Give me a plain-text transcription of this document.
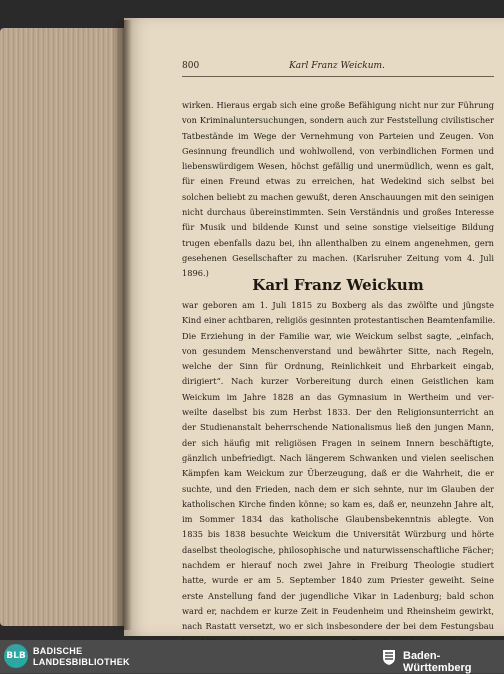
800	Karl Franz Weickum.
wirken. Hieraus ergab sich eine große Befähigung nicht nur zur Führung
von Kriminaluntersuchungen, sondern auch zur Feststellung civilistischer
Tatbestände im Wege der Vernehmung von Parteien und Zeugen. Von
Gesinnung freundlich und wohlwollend, von verbindlichen Formen und
liebenswürdigem Wesen, höchst gefällig und unermüdlich, wenn es galt,
für einen Freund etwas zu erreichen, hat Wedekind sich selbst bei
solchen beliebt zu machen gewußt, deren Anschauungen mit den seinigen
nicht durchaus übereinstimmten. Sein Verständnis und großes Interesse
für Musik und bildende Kunst und seine sonstige vielseitige Bildung
trugen ebenfalls dazu bei, ihn allenthalben zu einem angenehmen, gern
gesehenen Gesellschafter zu machen. (Karlsruher Zeitung vom 4. Juli
1896.)
Karl Franz Weickum
war geboren am 1. Juli 1815 zu Boxberg als das zwölfte und jüngste
Kind einer achtbaren, religiös gesinnten protestantischen Beamtenfamilie.
Die Erziehung in der Familie war, wie Weickum selbst sagte, „einfach,
von gesundem Menschenverstand und bewährter Sitte, nach Regeln,
welche der Sinn für Ordnung, Reinlichkeit und Ehrbarkeit eingab,
dirigiert“. Nach kurzer Vorbereitung durch einen Geistlichen kam
Weickum im Jahre 1828 an das Gymnasium in Wertheim und ver-
weilte daselbst bis zum Herbst 1833. Der den Religionsunterricht an
der Studienanstalt beherrschende Nationalismus ließ den jungen Mann,
der sich häufig mit religiösen Fragen in seinem Innern beschäftigte,
gänzlich unbefriedigt. Nach längerem Schwanken und vielen seelischen
Kämpfen kam Weickum zur Überzeugung, daß er die Wahrheit, die er
suchte, und den Frieden, nach dem er sich sehnte, nur im Glauben der
katholischen Kirche finden könne; so kam es, daß er, neunzehn Jahre alt,
im Sommer 1834 das katholische Glaubensbekenntnis ablegte. Von
1835 bis 1838 besuchte Weickum die Universität Würzburg und hörte
daselbst theologische, philosophische und naturwissenschaftliche Fächer;
nachdem er hierauf noch zwei Jahre in Freiburg Theologie studiert
hatte, wurde er am 5. September 1840 zum Priester geweiht. Seine
erste Anstellung fand der jugendliche Vikar in Ladenburg; bald schon
ward er, nachdem er kurze Zeit in Feudenheim und Rheinsheim gewirkt,
nach Rastatt versetzt, wo er sich insbesondere der bei dem Festungsbau
BLB BADISCHE
LANDESBIBLIOTHEK	Baden-Württemberg
